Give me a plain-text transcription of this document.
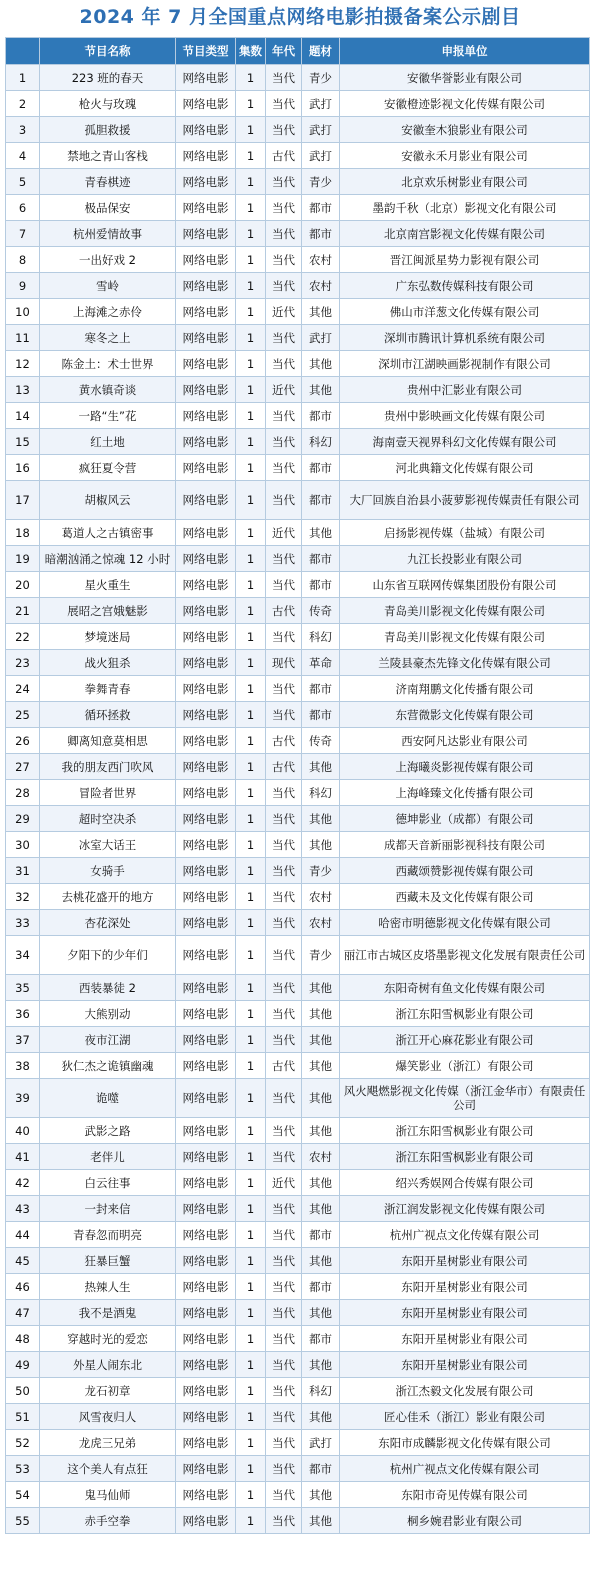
2024 年 7 月全国重点网络电影拍摄备案公示剧目
	节目名称	节目类型	集数	年代	题材	申报单位
1	223 班的春天	网络电影	1	当代	青少	安徽华誉影业有限公司
2	枪火与玫瑰	网络电影	1	当代	武打	安徽橙迹影视文化传媒有限公司
3	孤胆救援	网络电影	1	当代	武打	安徽奎木狼影业有限公司
4	禁地之青山客栈	网络电影	1	古代	武打	安徽永禾月影业有限公司
5	青春棋迹	网络电影	1	当代	青少	北京欢乐树影业有限公司
6	极品保安	网络电影	1	当代	都市	墨韵千秋（北京）影视文化有限公司
7	杭州爱情故事	网络电影	1	当代	都市	北京南宫影视文化传媒有限公司
8	一出好戏 2	网络电影	1	当代	农村	晋江闽派星势力影视有限公司
9	雪岭	网络电影	1	当代	农村	广东弘数传媒科技有限公司
10	上海滩之赤伶	网络电影	1	近代	其他	佛山市洋葱文化传媒有限公司
11	寒冬之上	网络电影	1	当代	武打	深圳市腾讯计算机系统有限公司
12	陈金土：术士世界	网络电影	1	当代	其他	深圳市江湖映画影视制作有限公司
13	黄水镇奇谈	网络电影	1	近代	其他	贵州中汇影业有限公司
14	一路“生”花	网络电影	1	当代	都市	贵州中影映画文化传媒有限公司
15	红土地	网络电影	1	当代	科幻	海南壹天视界科幻文化传媒有限公司
16	疯狂夏令营	网络电影	1	当代	都市	河北典籍文化传媒有限公司
17	胡椒风云	网络电影	1	当代	都市	大厂回族自治县小菠萝影视传媒责任有限公司
18	葛道人之古镇密事	网络电影	1	近代	其他	启扬影视传媒（盐城）有限公司
19	暗潮汹涌之惊魂 12 小时	网络电影	1	当代	都市	九江长投影业有限公司
20	星火重生	网络电影	1	当代	都市	山东省互联网传媒集团股份有限公司
21	展昭之宫娥魅影	网络电影	1	古代	传奇	青岛美川影视文化传媒有限公司
22	梦境迷局	网络电影	1	当代	科幻	青岛美川影视文化传媒有限公司
23	战火狙杀	网络电影	1	现代	革命	兰陵县豪杰先锋文化传媒有限公司
24	拳舞青春	网络电影	1	当代	都市	济南翔鹏文化传播有限公司
25	循环拯救	网络电影	1	当代	都市	东营微影文化传媒有限公司
26	卿离知意莫相思	网络电影	1	古代	传奇	西安阿凡达影业有限公司
27	我的朋友西门吹风	网络电影	1	古代	其他	上海曦炎影视传媒有限公司
28	冒险者世界	网络电影	1	当代	科幻	上海峰臻文化传播有限公司
29	超时空决杀	网络电影	1	当代	其他	德坤影业（成都）有限公司
30	冰室大话王	网络电影	1	当代	其他	成都天音新丽影视科技有限公司
31	女骑手	网络电影	1	当代	青少	西藏颂赞影视传媒有限公司
32	去桃花盛开的地方	网络电影	1	当代	农村	西藏未及文化传媒有限公司
33	杏花深处	网络电影	1	当代	农村	哈密市明德影视文化传媒有限公司
34	夕阳下的少年们	网络电影	1	当代	青少	丽江市古城区皮塔墨影视文化发展有限责任公司
35	西装暴徒 2	网络电影	1	当代	其他	东阳奇树有鱼文化传媒有限公司
36	大熊别动	网络电影	1	当代	其他	浙江东阳雪枫影业有限公司
37	夜市江湖	网络电影	1	当代	其他	浙江开心麻花影业有限公司
38	狄仁杰之诡镇幽魂	网络电影	1	古代	其他	爆笑影业（浙江）有限公司
39	诡噬	网络电影	1	当代	其他	风火飓燃影视文化传媒（浙江金华市）有限责任公司
40	武影之路	网络电影	1	当代	其他	浙江东阳雪枫影业有限公司
41	老伴儿	网络电影	1	当代	农村	浙江东阳雪枫影业有限公司
42	白云往事	网络电影	1	近代	其他	绍兴秀娱网合传媒有限公司
43	一封来信	网络电影	1	当代	其他	浙江润发影视文化传媒有限公司
44	青春忽而明亮	网络电影	1	当代	都市	杭州广视点文化传媒有限公司
45	狂暴巨蟹	网络电影	1	当代	其他	东阳开星树影业有限公司
46	热辣人生	网络电影	1	当代	都市	东阳开星树影业有限公司
47	我不是酒鬼	网络电影	1	当代	其他	东阳开星树影业有限公司
48	穿越时光的爱恋	网络电影	1	当代	都市	东阳开星树影业有限公司
49	外星人闹东北	网络电影	1	当代	其他	东阳开星树影业有限公司
50	龙石初章	网络电影	1	当代	科幻	浙江杰毅文化发展有限公司
51	风雪夜归人	网络电影	1	当代	其他	匠心佳禾（浙江）影业有限公司
52	龙虎三兄弟	网络电影	1	当代	武打	东阳市成麟影视文化传媒有限公司
53	这个美人有点狂	网络电影	1	当代	都市	杭州广视点文化传媒有限公司
54	鬼马仙师	网络电影	1	当代	其他	东阳市奇见传媒有限公司
55	赤手空拳	网络电影	1	当代	其他	桐乡婉君影业有限公司
